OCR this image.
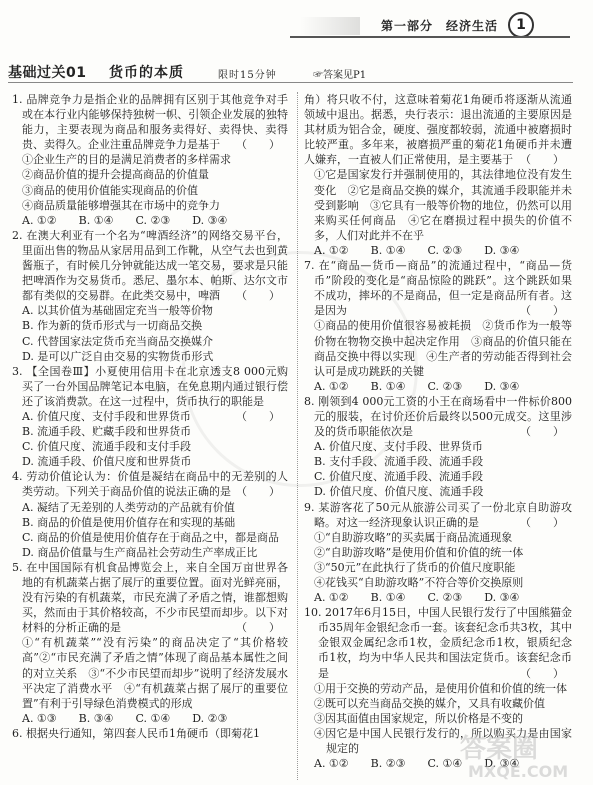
第一部分 经济生活	1
基础过关01 货币的本质	限时15分钟	☞答案见P1

1. 品牌竞争力是指企业的品牌拥有区别于其他竞争对手或在本行业内能够保持独树一帜、引领企业发展的独特能力，主要表现为商品和服务卖得好、卖得快、卖得贵、卖得久。企业注重品牌竞争力是基于 （　　）

①企业生产的目的是满足消费者的多样需求

②商品价值的提升会提高商品的价值量

③商品的使用价值能实现商品的价值

④商品质量能够增强其在市场中的竞争力

A. ①②　　B. ①④　　C. ②③　　D. ③④

2. 在澳大利亚有一个名为“啤酒经济”的网络交易平台，里面出售的物品从家居用品到工作靴，从空气去也到黄酱瓶子，有时候几分钟就能达成一笔交易，要求是只能把啤酒作为交易货币。悉尼、墨尔本、帕斯、达尔文市都有类似的交易群。在此类交易中，啤酒 （　　）

A. 以其价值为基础固定充当一般等价物

B. 作为新的货币形式与一切商品交换

C. 代替国家法定货币充当商品交换媒介

D. 是可以广泛自由交易的实物货币形式

3. 【全国卷Ⅲ】小夏使用信用卡在北京透支8 000元购买了一台外国品牌笔记本电脑，在免息期内通过银行偿还了该消费款。在这一过程中，货币执行的职能是
（　　）

A. 价值尺度、支付手段和世界货币

B. 流通手段、贮藏手段和世界货币

C. 价值尺度、流通手段和支付手段

D. 流通手段、价值尺度和世界货币

4. 劳动价值论认为：价值是凝结在商品中的无差别的人类劳动。下列关于商品价值的说法正确的是 （　　）

A. 凝结了无差别的人类劳动的产品就有价值

B. 商品的价值是使用价值存在和实现的基础

C. 商品的价值是使用价值存在于商品之中，都是商品

D. 商品价值量与生产商品社会劳动生产率成正比

5. 在中国国际有机食品博览会上，来自全国万亩世界各地的有机蔬菜占据了展厅的重要位置。面对光鲜亮丽，没有污染的有机蔬菜，市民充满了矛盾之情，谁都想购买，然而由于其价格较高，不少市民望而却步。以下对材料的分析正确的是	（　　）

①“有机蔬菜”“没有污染”的商品决定了“其价格较高”②“市民充满了矛盾之情”体现了商品基本属性之间的对立关系　③“不少市民望而却步”说明了经济发展水平决定了消费水平　④“有机蔬菜占据了展厅的重要位置”有利于引导绿色消费模式的形成

A. ①③　　B. ③④　　C. ①④　　D. ②③

6. 根据央行通知，第四套人民币1角硬币（即菊花1

角）将只收不付，这意味着菊花1角硬币将逐渐从流通领域中退出。据悉，央行表示：退出流通的主要原因是其材质为铝合金，硬度、强度都较弱，流通中被磨损时比较严重。多年来，被磨损严重的菊花1角硬币并未遭人嫌弃，一直被人们正常使用，是主要基于 （　　）

①它是国家发行并强制使用的，其法律地位没有发生变化　②它是商品交换的媒介，其流通手段职能并未受到影响　③它具有一般等价物的地位，仍然可以用来购买任何商品　④它在磨损过程中损失的价值不多，人们对此并不在乎

A. ①②　　B. ①④　　C. ②③　　D. ③④

7. 在“商品—货币—商品”的流通过程中，“商品—货币”阶段的变化是“商品惊险的跳跃”。这个跳跃如果不成功，摔坏的不是商品，但一定是商品所有者。这是因为	（　　）

①商品的使用价值很容易被耗损　②货币作为一般等价物在物物交换中起决定作用　③商品的价值只能在商品交换中得以实现　④生产者的劳动能否得到社会认可是成功跳跃的关键

A. ①②　　B. ①④　　C. ②③　　D. ③④

8. 刚领到4 000元工资的小王在商场看中一件标价800元的服装，在讨价还价后最终以500元成交。这里涉及的货币职能依次是	（　　）

A. 价值尺度、支付手段、世界货币

B. 支付手段、流通手段、流通手段

C. 价值尺度、流通手段、流通手段

D. 价值尺度、价值尺度、流通手段

9. 某游客花了50元从旅游公司买了一份北京自助游攻略。对这一经济现象认识正确的是	（　　）

①“自助游攻略”的买卖属于商品流通现象

②“自助游攻略”是使用价值和价值的统一体

③“50元”在此执行了货币的价值尺度职能

④花钱买“自助游攻略”不符合等价交换原则

A. ①②　　B. ①④　　C. ②③　　D. ③④

10. 2017年6月15日，中国人民银行发行了中国熊猫金币35周年金银纪念币一套。该套纪念币共3枚，其中金银双金属纪念币1枚，金质纪念币1枚，银质纪念币1枚，均为中华人民共和国法定货币。该套纪念币是	（　　）

①用于交换的劳动产品，是使用价值和价值的统一体

②既可以充当商品交换的媒介，又具有收藏价值

③因其面值由国家规定，所以价格是不变的

④因它是中国人民银行发行的，所以购买力是由国家规定的

A. ①②　　B. ②③　　C. ①④　　D. ③④

答案圈
MXQE.COM
